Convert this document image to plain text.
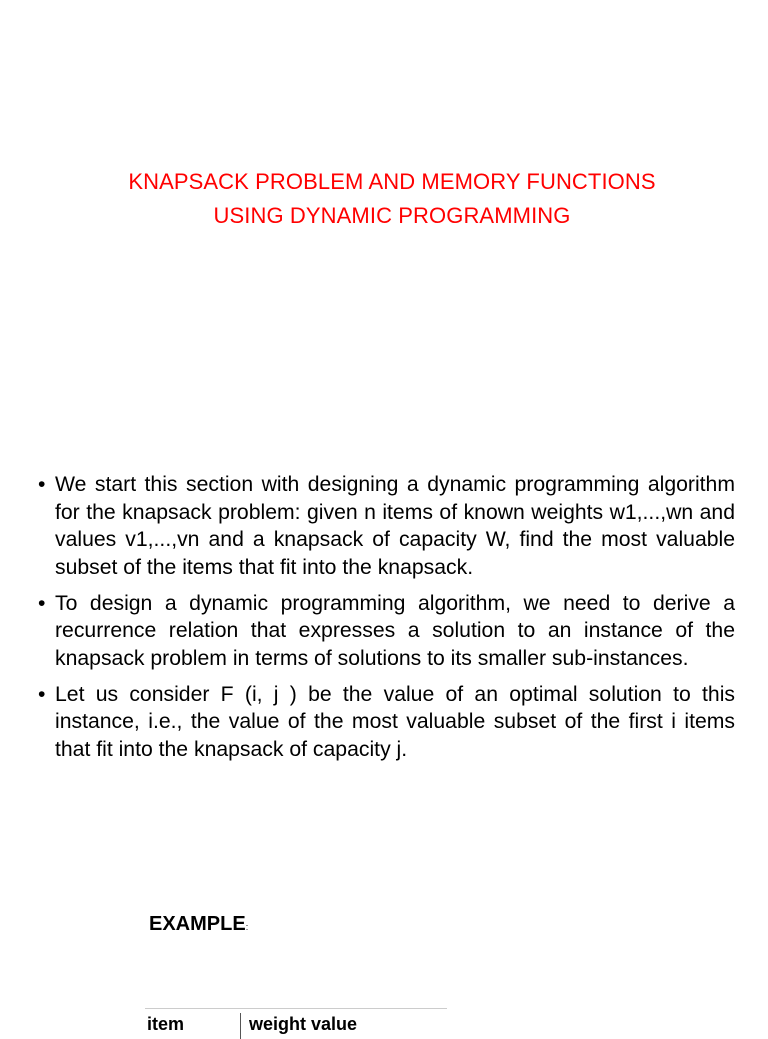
KNAPSACK PROBLEM AND MEMORY FUNCTIONS
USING DYNAMIC PROGRAMMING
• We start this section with designing a dynamic programming algorithm for the knapsack problem: given n items of known weights w1,...,wn and values v1,...,vn and a knapsack of capacity W, find the most valuable subset of the items that fit into the knapsack.
• To design a dynamic programming algorithm, we need to derive a recurrence relation that expresses a solution to an instance of the knapsack problem in terms of solutions to its smaller sub-instances.
• Let us consider F (i, j ) be the value of an optimal solution to this instance, i.e., the value of the most valuable subset of the first i items that fit into the knapsack of capacity j.
EXAMPLE:
item	weight value
